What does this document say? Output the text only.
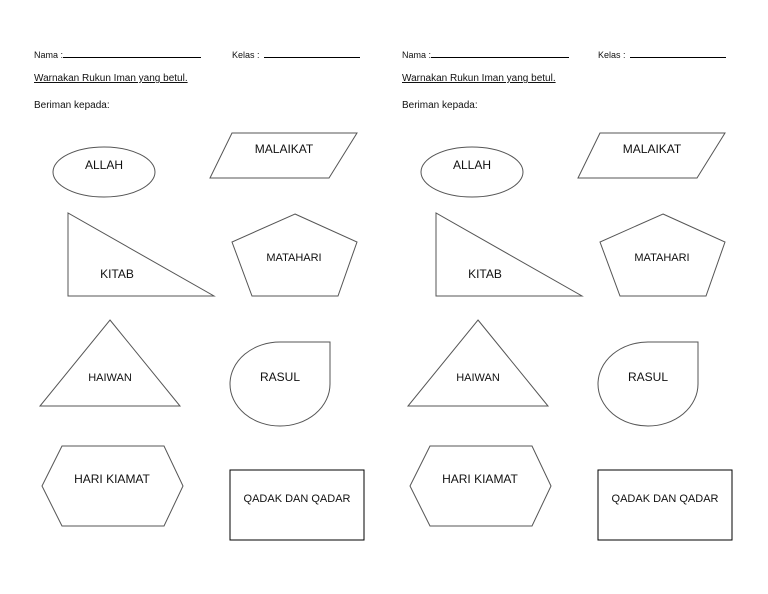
Nama :	Kelas :
Warnakan Rukun Iman yang betul.
Beriman kepada:
ALLAH
MALAIKAT
KITAB
MATAHARI
HAIWAN	RASUL
HARI KIAMAT
QADAK DAN QADAR
Nama :	Kelas :
Warnakan Rukun Iman yang betul.
Beriman kepada:
ALLAH
MALAIKAT
KITAB
MATAHARI
HAIWAN	RASUL
HARI KIAMAT
QADAK DAN QADAR
